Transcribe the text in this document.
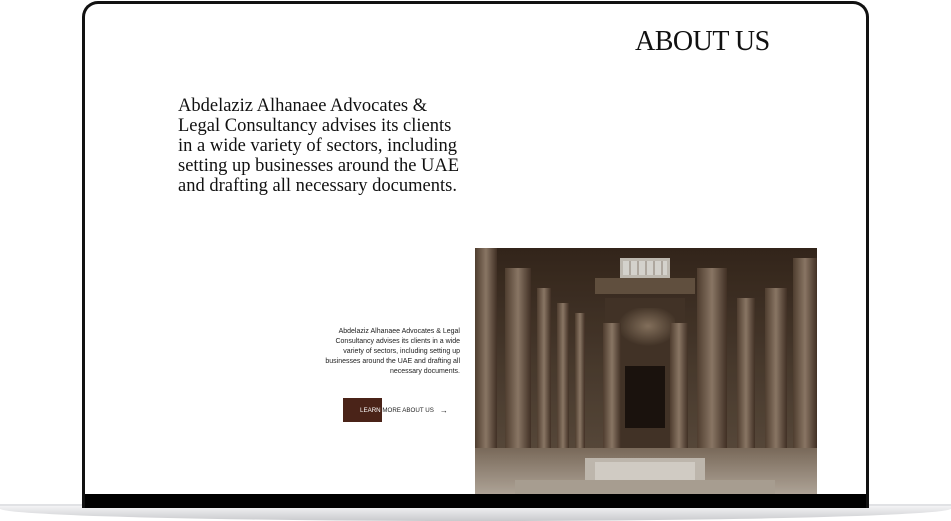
ABOUT US

Abdelaziz Alhanaee Advocates & Legal Consultancy advises its clients in a wide variety of sectors, including setting up businesses around the UAE and drafting all necessary documents.

Abdelaziz Alhanaee Advocates & Legal Consultancy advises its clients in a wide variety of sectors, including setting up businesses around the UAE and drafting all necessary documents.

LEARN MORE ABOUT US →
